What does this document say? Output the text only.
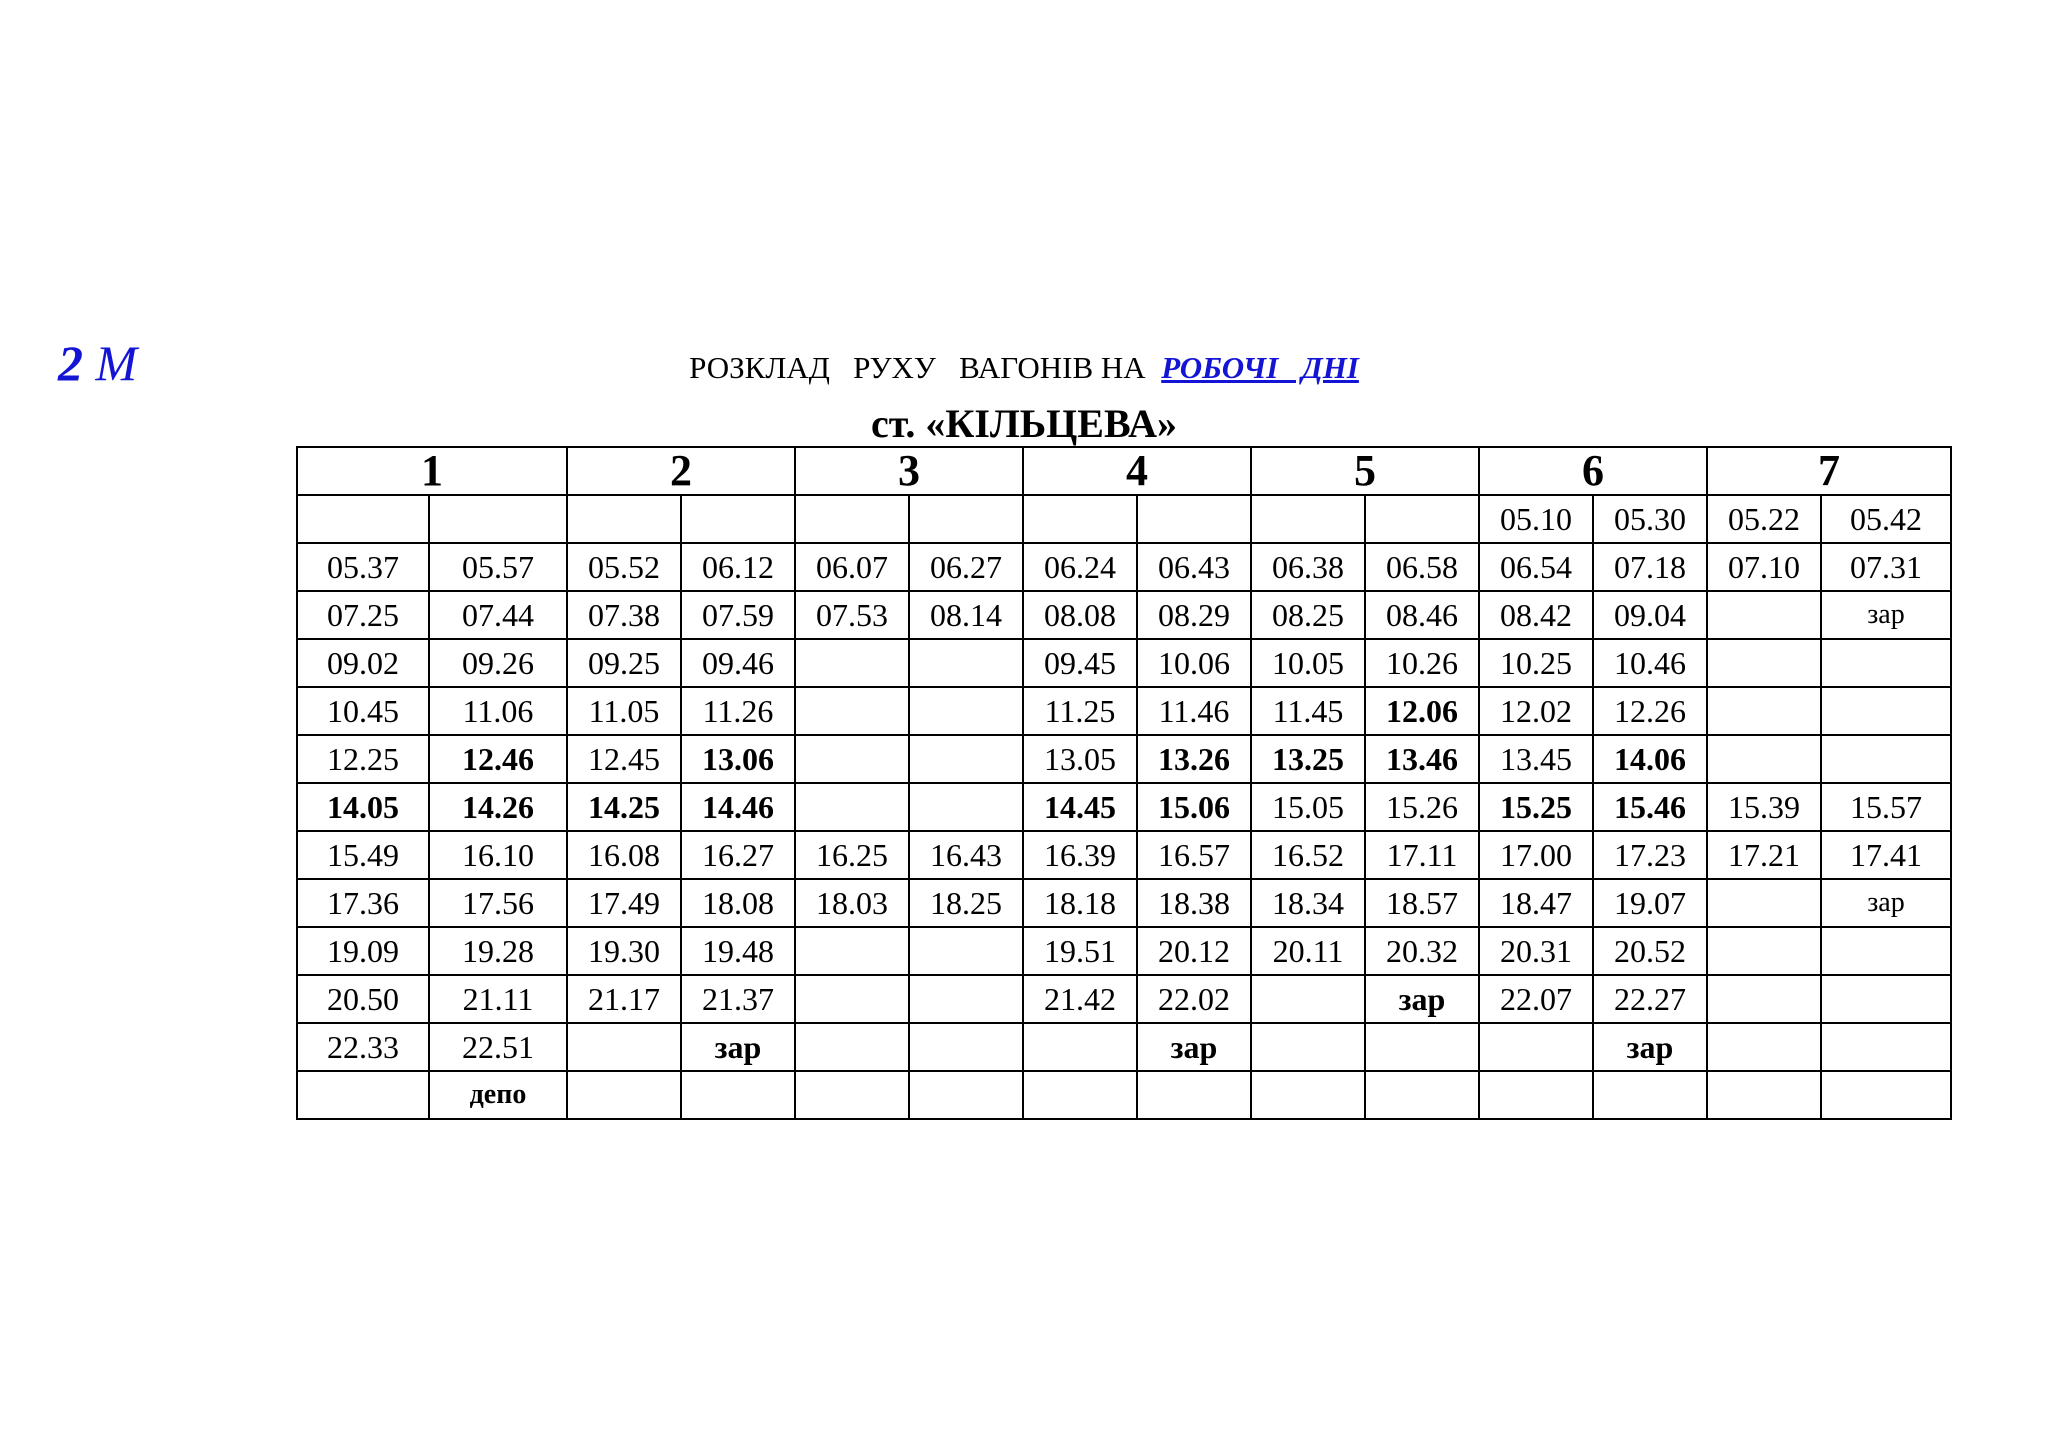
2 М	РОЗКЛАД   РУХУ   ВАГОНІВ НА РОБОЧІ   ДНІ
ст. «КІЛЬЦЕВА»
1		2		3		4		5		6		7	
										05.10	05.30	05.22	05.42
05.37	05.57	05.52	06.12	06.07	06.27	06.24	06.43	06.38	06.58	06.54	07.18	07.10	07.31
07.25	07.44	07.38	07.59	07.53	08.14	08.08	08.29	08.25	08.46	08.42	09.04		зар
09.02	09.26	09.25	09.46			09.45	10.06	10.05	10.26	10.25	10.46		
10.45	11.06	11.05	11.26			11.25	11.46	11.45	12.06	12.02	12.26		
12.25	12.46	12.45	13.06			13.05	13.26	13.25	13.46	13.45	14.06		
14.05	14.26	14.25	14.46			14.45	15.06	15.05	15.26	15.25	15.46	15.39	15.57
15.49	16.10	16.08	16.27	16.25	16.43	16.39	16.57	16.52	17.11	17.00	17.23	17.21	17.41
17.36	17.56	17.49	18.08	18.03	18.25	18.18	18.38	18.34	18.57	18.47	19.07		зар
19.09	19.28	19.30	19.48			19.51	20.12	20.11	20.32	20.31	20.52		
20.50	21.11	21.17	21.37			21.42	22.02		зар	22.07	22.27		
22.33	22.51		зар				зар				зар		
	депо												
